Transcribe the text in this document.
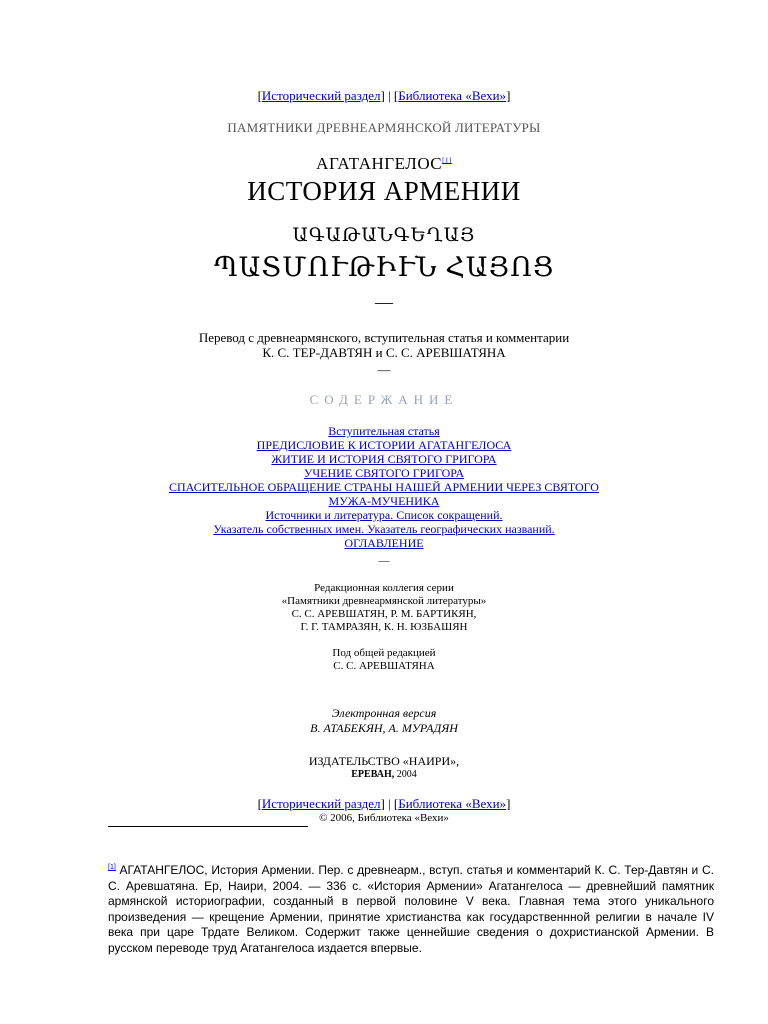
[Исторический раздел] | [Библиотека «Вехи»]
ПАМЯТНИКИ ДРЕВНЕАРМЯНСКОЙ ЛИТЕРАТУРЫ
АГАТАНГЕЛОС[1]
ИСТОРИЯ АРМЕНИИ
ԱԳԱԹԱՆԳԵՂԱՅ
ՊԱՏՄՈՒԹԻՒՆ ՀԱՅՈՑ
—
Перевод с древнеармянского, вступительная статья и комментарии
К. С. ТЕР-ДАВТЯН и С. С. АРЕВШАТЯНА
—
СОДЕРЖАНИЕ
Вступительная статья
ПРЕДИСЛОВИЕ К ИСТОРИИ АГАТАНГЕЛОСА
ЖИТИЕ И ИСТОРИЯ СВЯТОГО ГРИГОРА
УЧЕНИЕ СВЯТОГО ГРИГОРА
СПАСИТЕЛЬНОЕ ОБРАЩЕНИЕ СТРАНЫ НАШЕЙ АРМЕНИИ ЧЕРЕЗ СВЯТОГО
МУЖА-МУЧЕНИКА
Источники и литература. Список сокращений.
Указатель собственных имен. Указатель географических названий.
ОГЛАВЛЕНИЕ
—
Редакционная коллегия серии
«Памятники древнеармянской литературы»
С. С. АРЕВШАТЯН, Р. М. БАРТИКЯН,
Г. Г. ТАМРАЗЯН, К. Н. ЮЗБАШЯН
Под общей редакцией
С. С. АРЕВШАТЯНА
Электронная версия
В. АТАБЕКЯН, А. МУРАДЯН
ИЗДАТЕЛЬСТВО «НАИРИ»,
ЕРЕВАН, 2004
[Исторический раздел] | [Библиотека «Вехи»]
© 2006, Библиотека «Вехи»
[1] АГАТАНГЕЛОС, История Армении. Пер. с древнеарм., вступ. статья и комментарий К. С. Тер-Давтян и С. С. Аревшатяна. Ер, Наири, 2004. — 336 с. «История Армении» Агатангелоса — древнейший памятник армянской историографии, созданный в первой половине V века. Главная тема этого уникального произведения — крещение Армении, принятие христианства как государственнной религии в начале IV века при царе Трдате Великом. Содержит также ценнейшие сведения о дохристианской Армении. В русском переводе труд Агатангелоса издается впервые.
